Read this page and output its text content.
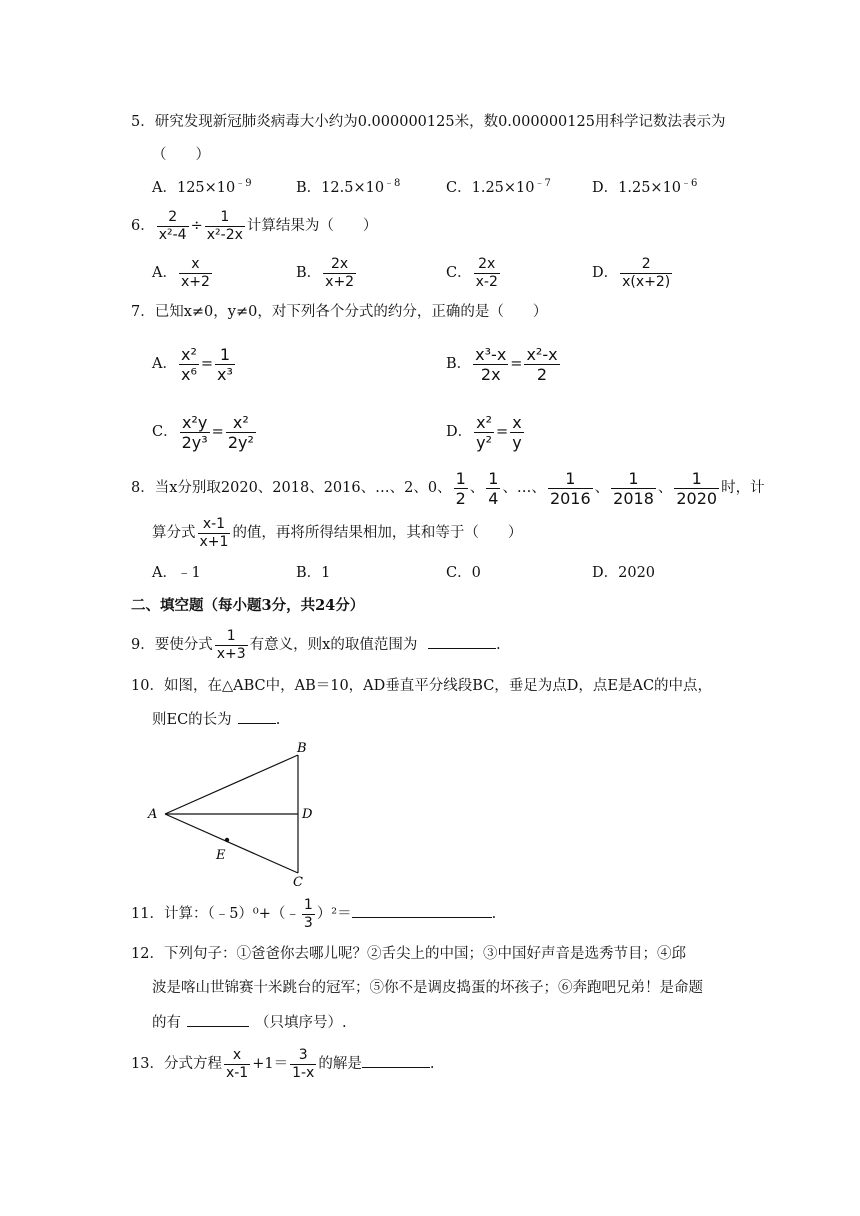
5．研究发现新冠肺炎病毒大小约为0.000000125米，数0.000000125用科学记数法表示为
（　　）
A．$125\times 10^{﹣9}$	B．$12.5\times 10^{﹣8}$	C．$1.25\times 10^{﹣7}$	D．$1.25\times 10^{﹣6}$
6． $\frac{2}{\text{x²-4}} \div \frac{1}{\text{x²-2x}}$ 计算结果为（　　）
A． $\frac{x}{x+2}$	B． $\frac{2x}{x+2}$	C． $\frac{2x}{x-2}$	D． $\frac{2}{x(x+2)}$
7．已知x≠0，y≠0，对下列各个分式的约分，正确的是（　　）
A． $\frac{\text{x²}}{\text{x⁶}} = \frac{1}{\text{x³}}$	B． $\frac{\text{x³-x}}{2x} = \frac{\text{x²-x}}{2}$
C． $\frac{\text{x²y}}{\text{2y³}} = \frac{\text{x²}}{\text{2y²}}$	D． $\frac{\text{x²}}{\text{y²}} = \frac{x}{y}$
8．当x分别取2020、2018、2016、…、2、0、 $\frac{1}{2}$ 、 $\frac{1}{4}$ 、…、 $\frac{1}{2016}$ 、 $\frac{1}{2018}$ 、 $\frac{1}{2020}$ 时，计
算分式 $\frac{x-1}{x+1}$ 的值，再将所得结果相加，其和等于（　　）
A．﹣1	B．1	C．0	D．2020
二、填空题（每小题3分，共24分）
9．要使分式 $\frac{1}{x+3}$ 有意义，则x的取值范围为	.
10．如图，在△ABC中，AB＝10，AD垂直平分线段BC，垂足为点D，点E是AC的中点，
则EC的长为	.
A
B
C
D
E
11．计算：（﹣5）⁰+（﹣ $\frac{1}{3} )^2=$	.
12．下列句子：①爸爸你去哪儿呢？②舌尖上的中国；③中国好声音是选秀节目；④邱
波是喀山世锦赛十米跳台的冠军；⑤你不是调皮捣蛋的坏孩子；⑥奔跑吧兄弟！是命题
的有	（只填序号）.
13．分式方程 $\frac{x}{x-1} +1= \frac{3}{1-x}$ 的解是	.
